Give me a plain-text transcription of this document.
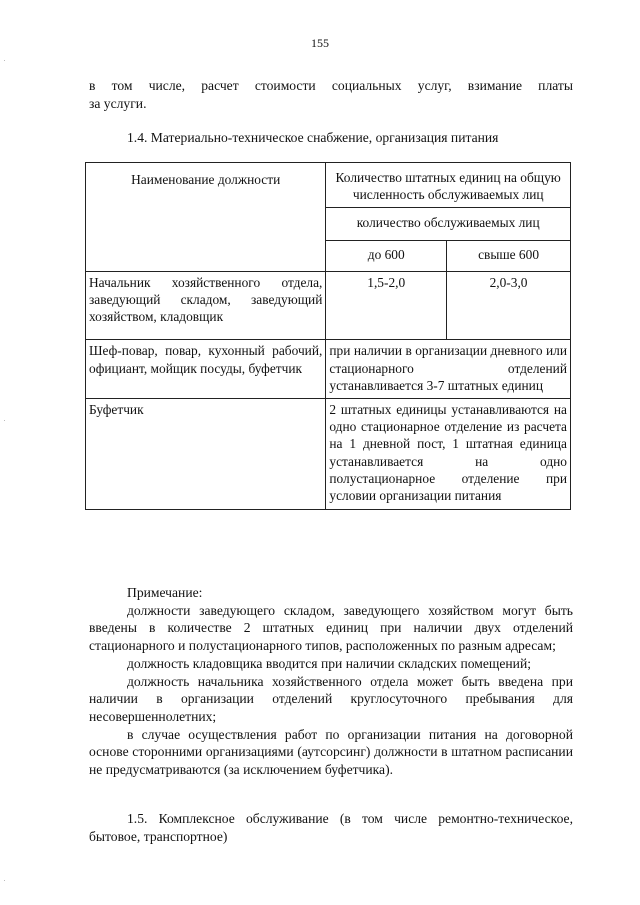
155
в том числе, расчет стоимости социальных услуг, взимание платы
за услуги.
1.4. Материально-техническое снабжение, организация питания
Наименование должности	Количество штатных единиц на общую численность обслуживаемых лиц	
	количество обслуживаемых лиц	
	до 600	свыше 600
Начальник хозяйственного отдела, заведующий складом, заведующий хозяйством, кладовщик	1,5-2,0	2,0-3,0
Шеф-повар, повар, кухонный рабочий, официант, мойщик посуды, буфетчик	при наличии в организации дневного или стационарного отделений устанавливается 3-7 штатных единиц	
Буфетчик	2 штатных единицы устанавливаются на одно стационарное отделение из расчета на 1 дневной пост, 1 штатная единица устанавливается на одно полустационарное отделение при условии организации питания	

Примечание:

должности заведующего складом, заведующего хозяйством могут быть введены в количестве 2 штатных единиц при наличии двух отделений стационарного и полустационарного типов, расположенных по разным адресам;

должность кладовщика вводится при наличии складских помещений;

должность начальника хозяйственного отдела может быть введена при наличии в организации отделений круглосуточного пребывания для несовершеннолетних;

в случае осуществления работ по организации питания на договорной основе сторонними организациями (аутсорсинг) должности в штатном расписании не предусматриваются (за исключением буфетчика).

1.5. Комплексное обслуживание (в том числе ремонтно-техническое, бытовое, транспортное)
